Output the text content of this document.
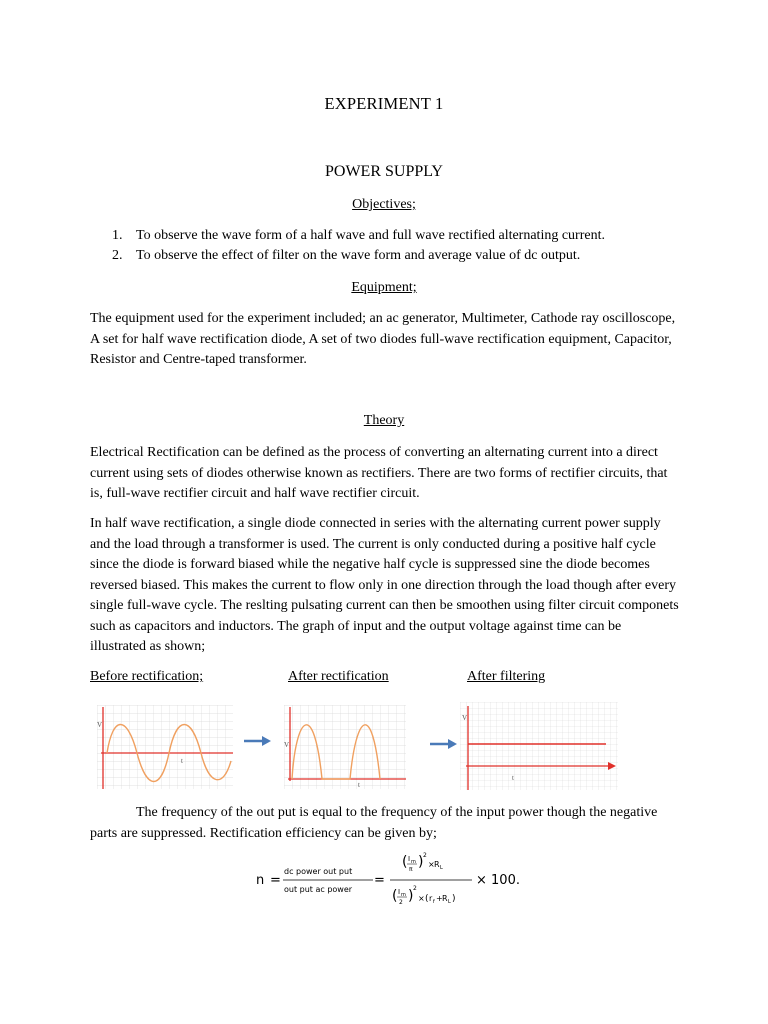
EXPERIMENT 1
POWER SUPPLY
Objectives;
1. To observe the wave form of a half wave and full wave rectified alternating current.
2. To observe the effect of filter on the wave form and average value of dc output.
Equipment;
The equipment used for the experiment included; an ac generator, Multimeter, Cathode ray oscilloscope, A set for half wave rectification diode, A set of two diodes full-wave rectification equipment, Capacitor, Resistor and Centre-taped transformer.
Theory
Electrical Rectification can be defined as the process of converting an alternating current into a direct current using sets of diodes otherwise known as rectifiers. There are two forms of rectifier circuits, that is, full-wave rectifier circuit and half wave rectifier circuit.
In half wave rectification, a single diode connected in series with the alternating current power supply and the load through a transformer is used. The current is only conducted during a positive half cycle since the diode is forward biased while the negative half cycle is suppressed sine the diode becomes reversed biased. This makes the current to flow only in one direction through the load though after every single full-wave cycle. The reslting pulsating current can then be smoothen using filter circuit componets such as capacitors and inductors. The graph of input and the output voltage against time can be illustrated as shown;
Before rectification;	After rectification	After filtering
V
t
V
t
V
t
The frequency of the out put is equal to the frequency of the input power though the negative parts are suppressed. Rectification efficiency can be given by;
n =
dc power out put
out put ac power
=
( I m
π ) 2
× R L
( I m
2 ) 2
× ( r f + R L )
× 100.
